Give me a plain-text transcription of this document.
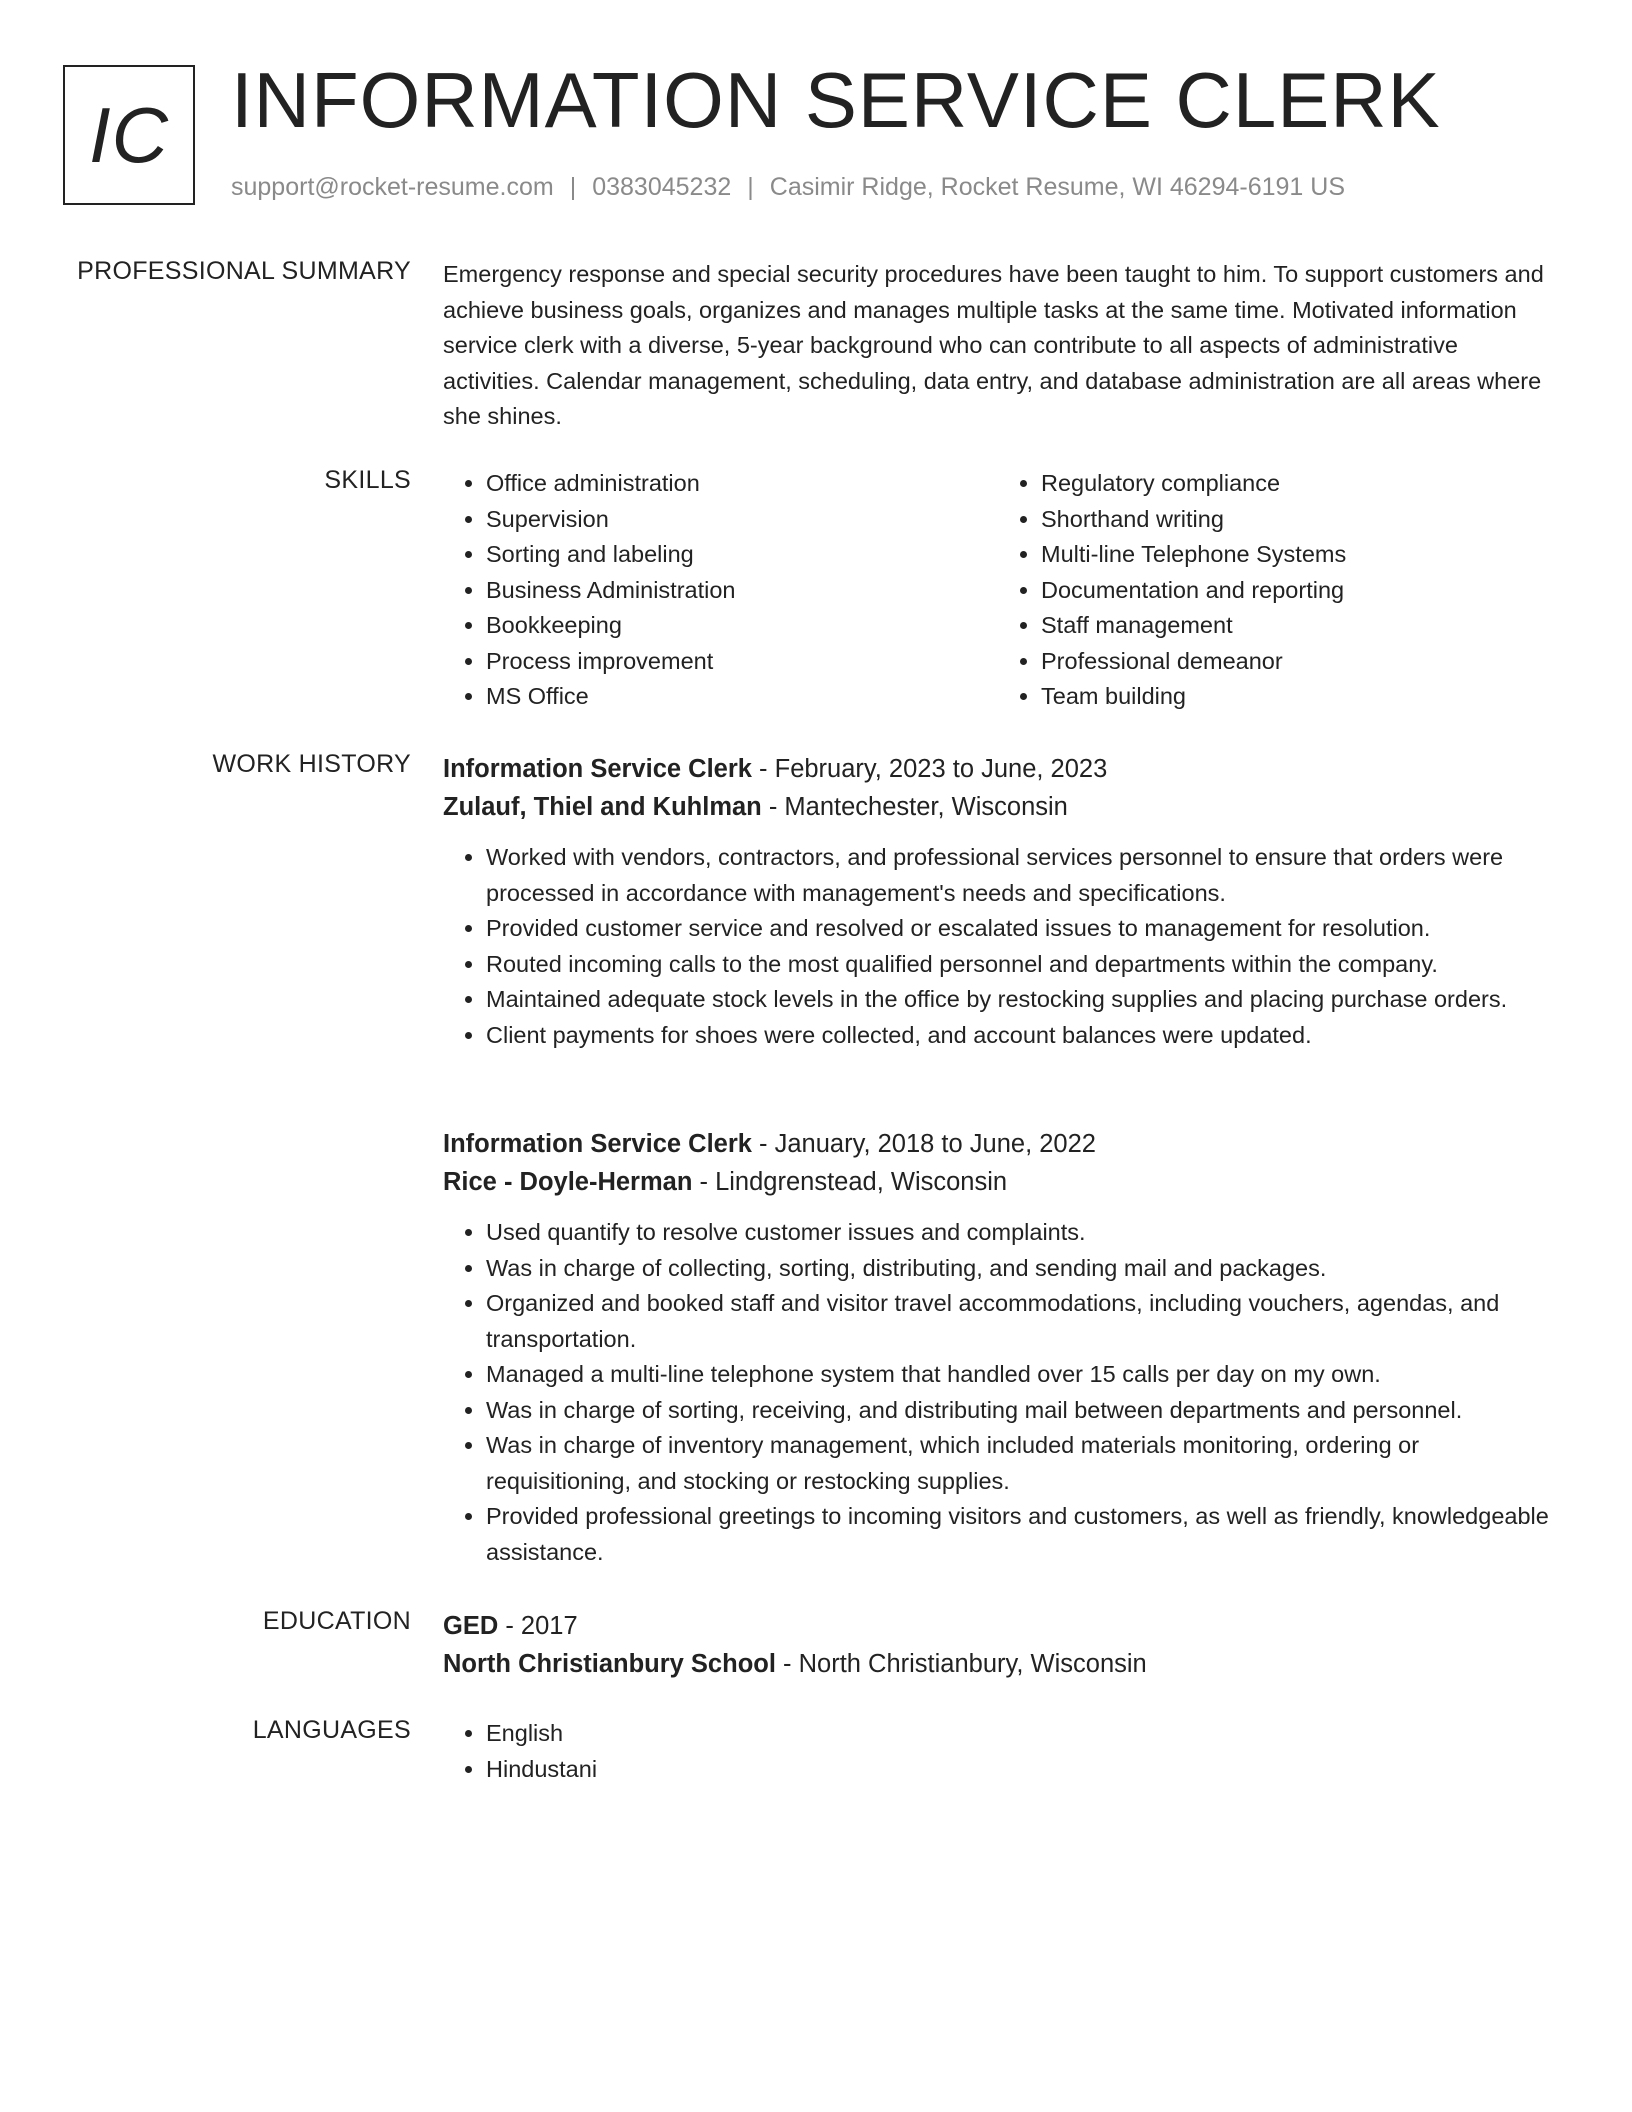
IC INFORMATION SERVICE CLERK
support@rocket-resume.com | 0383045232 | Casimir Ridge, Rocket Resume, WI 46294-6191 US
PROFESSIONAL SUMMARY Emergency response and special security procedures have been taught to him. To support customers and achieve business goals, organizes and manages multiple tasks at the same time. Motivated information service clerk with a diverse, 5-year background who can contribute to all aspects of administrative activities. Calendar management, scheduling, data entry, and database administration are all areas where she shines.
SKILLS	• Office administration
• Supervision
• Sorting and labeling
• Business Administration
• Bookkeeping
• Process improvement
• MS Office
• Regulatory compliance
• Shorthand writing
• Multi-line Telephone Systems
• Documentation and reporting
• Staff management
• Professional demeanor
• Team building
WORK HISTORY Information Service Clerk - February, 2023 to June, 2023
Zulauf, Thiel and Kuhlman - Mantechester, Wisconsin
• Worked with vendors, contractors, and professional services personnel to ensure that orders were processed in accordance with management's needs and specifications.
• Provided customer service and resolved or escalated issues to management for resolution.
• Routed incoming calls to the most qualified personnel and departments within the company.
• Maintained adequate stock levels in the office by restocking supplies and placing purchase orders.
• Client payments for shoes were collected, and account balances were updated.
Information Service Clerk - January, 2018 to June, 2022
Rice - Doyle-Herman - Lindgrenstead, Wisconsin
• Used quantify to resolve customer issues and complaints.
• Was in charge of collecting, sorting, distributing, and sending mail and packages.
• Organized and booked staff and visitor travel accommodations, including vouchers, agendas, and transportation.
• Managed a multi-line telephone system that handled over 15 calls per day on my own.
• Was in charge of sorting, receiving, and distributing mail between departments and personnel.
• Was in charge of inventory management, which included materials monitoring, ordering or requisitioning, and stocking or restocking supplies.
• Provided professional greetings to incoming visitors and customers, as well as friendly, knowledgeable assistance.
EDUCATION GED - 2017
North Christianbury School - North Christianbury, Wisconsin
LANGUAGES	• English
• Hindustani
